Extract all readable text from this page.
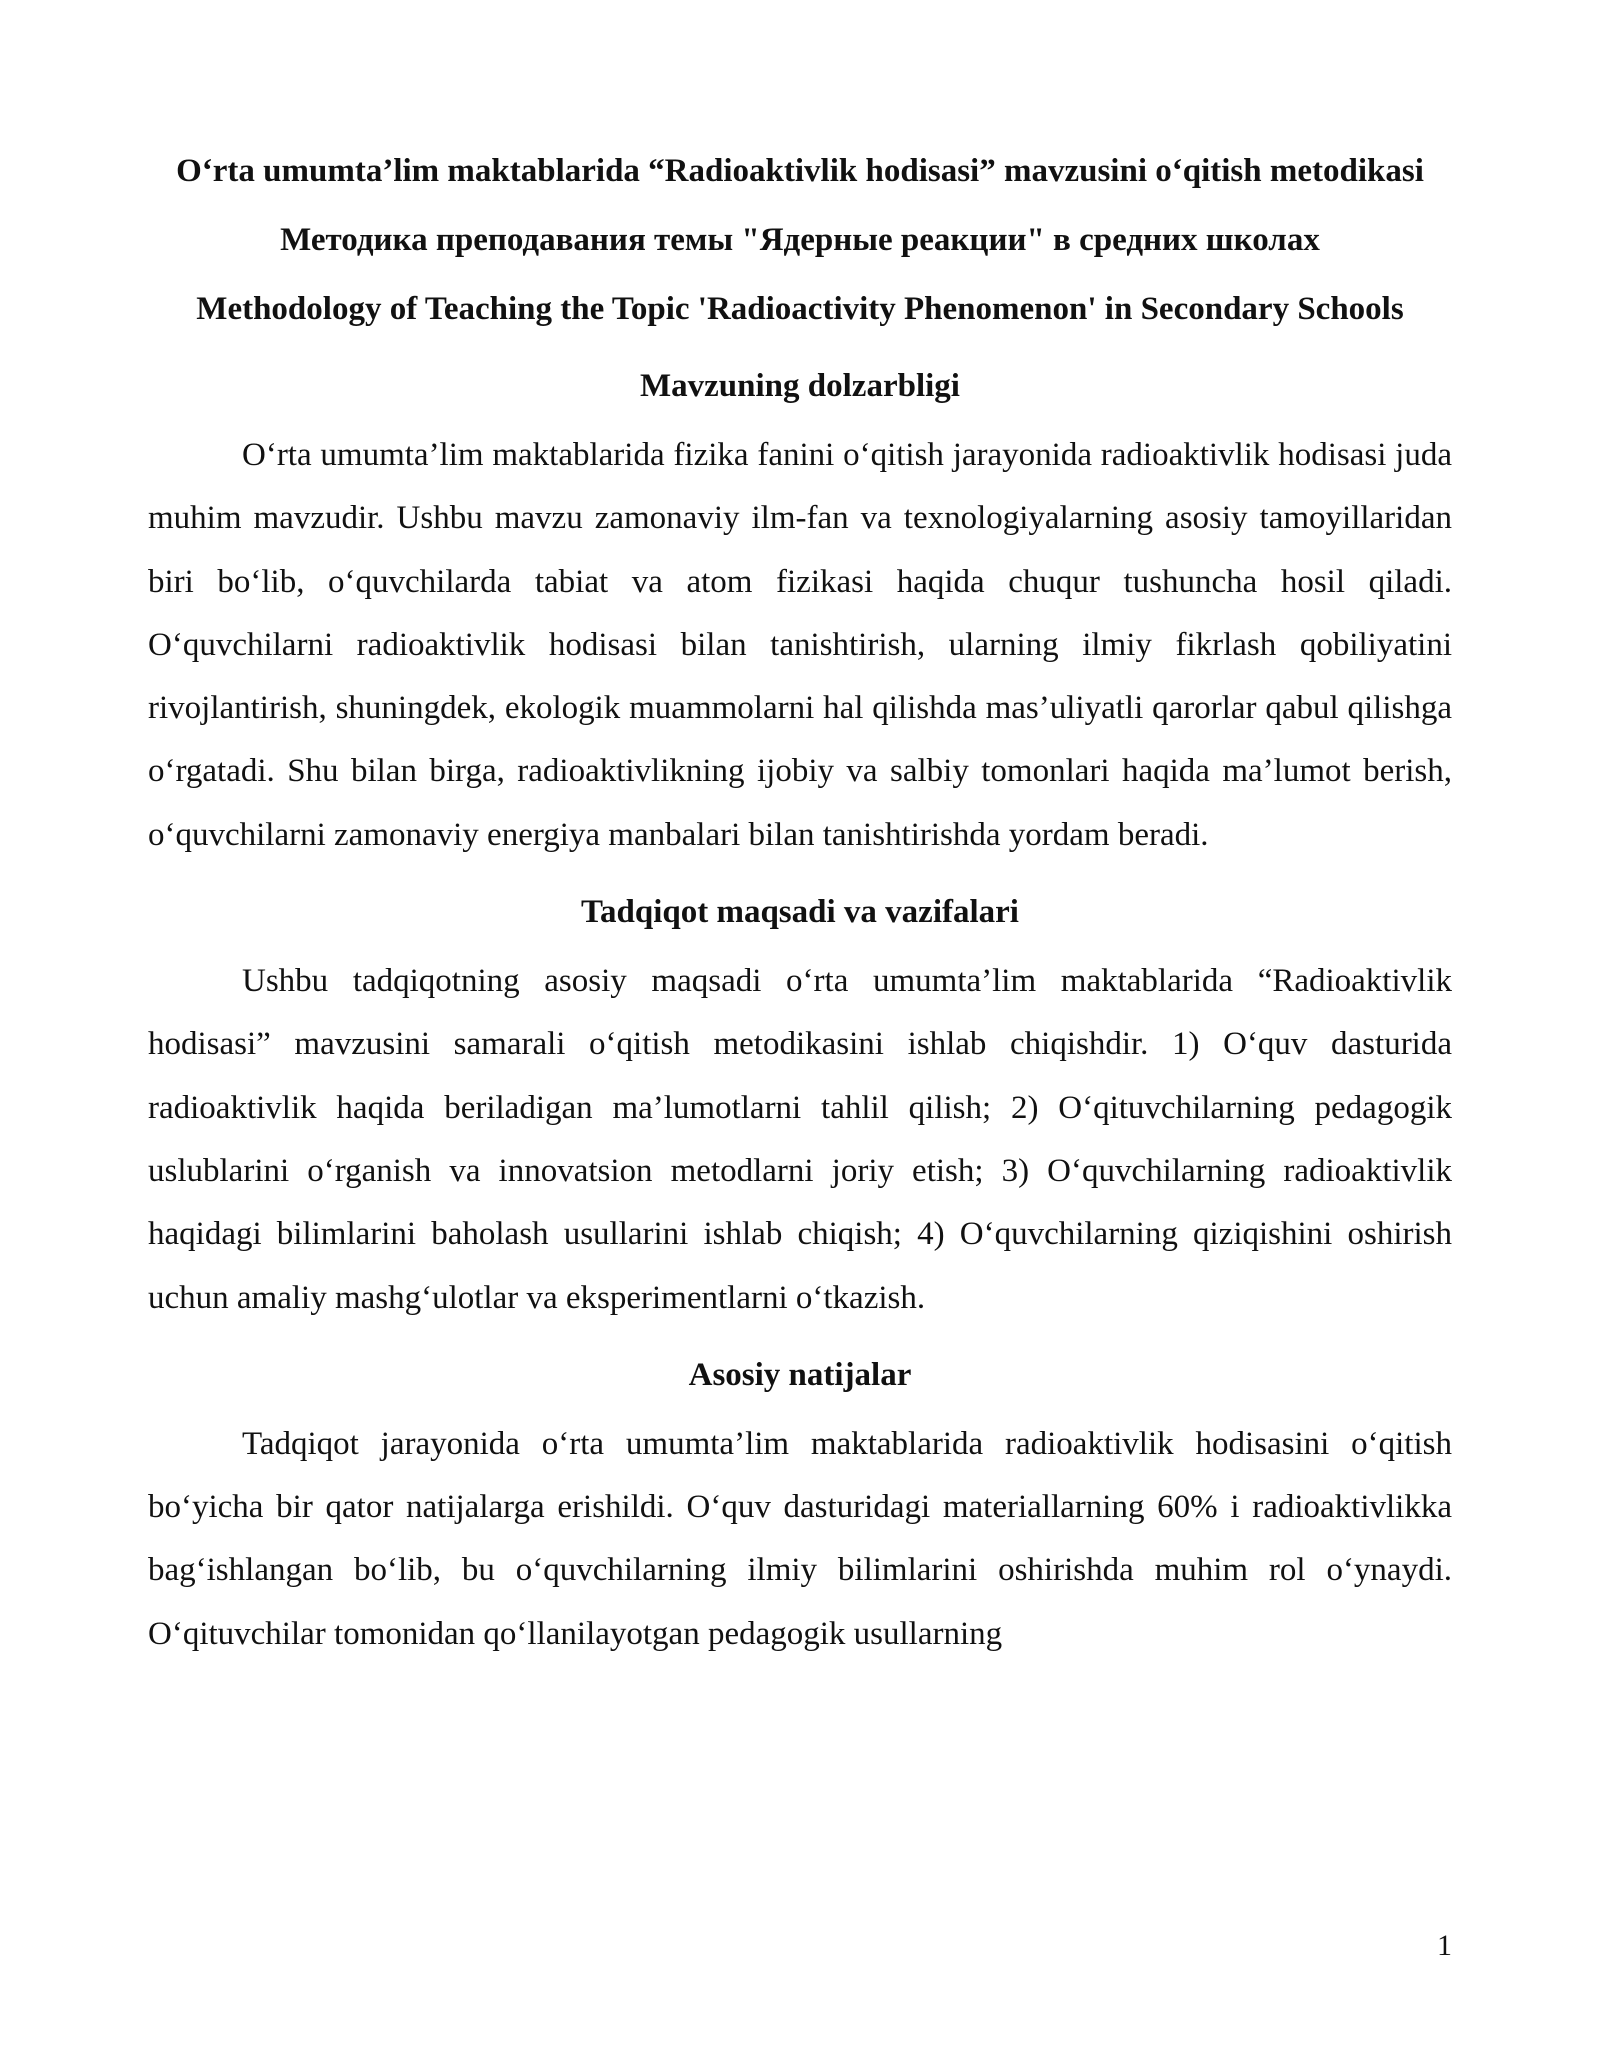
O‘rta umumta’lim maktablarida “Radioaktivlik hodisasi” mavzusini o‘qitish metodikasi
Методика преподавания темы "Ядерные реакции" в средних школах
Methodology of Teaching the Topic 'Radioactivity Phenomenon' in Secondary Schools
Mavzuning dolzarbligi

O‘rta umumta’lim maktablarida fizika fanini o‘qitish jarayonida radioaktivlik hodisasi juda muhim mavzudir. Ushbu mavzu zamonaviy ilm-fan va texnologiyalarning asosiy tamoyillaridan biri bo‘lib, o‘quvchilarda tabiat va atom fizikasi haqida chuqur tushuncha hosil qiladi. O‘quvchilarni radioaktivlik hodisasi bilan tanishtirish, ularning ilmiy fikrlash qobiliyatini rivojlantirish, shuningdek, ekologik muammolarni hal qilishda mas’uliyatli qarorlar qabul qilishga o‘rgatadi. Shu bilan birga, radioaktivlikning ijobiy va salbiy tomonlari haqida ma’lumot berish, o‘quvchilarni zamonaviy energiya manbalari bilan tanishtirishda yordam beradi.

Tadqiqot maqsadi va vazifalari

Ushbu tadqiqotning asosiy maqsadi o‘rta umumta’lim maktablarida “Radioaktivlik hodisasi” mavzusini samarali o‘qitish metodikasini ishlab chiqishdir. 1) O‘quv dasturida radioaktivlik haqida beriladigan ma’lumotlarni tahlil qilish; 2) O‘qituvchilarning pedagogik uslublarini o‘rganish va innovatsion metodlarni joriy etish; 3) O‘quvchilarning radioaktivlik haqidagi bilimlarini baholash usullarini ishlab chiqish; 4) O‘quvchilarning qiziqishini oshirish uchun amaliy mashg‘ulotlar va eksperimentlarni o‘tkazish.

Asosiy natijalar

Tadqiqot jarayonida o‘rta umumta’lim maktablarida radioaktivlik hodisasini o‘qitish bo‘yicha bir qator natijalarga erishildi. O‘quv dasturidagi materiallarning 60% i radioaktivlikka bag‘ishlangan bo‘lib, bu o‘quvchilarning ilmiy bilimlarini oshirishda muhim rol o‘ynaydi. O‘qituvchilar tomonidan qo‘llanilayotgan pedagogik usullarning

1
